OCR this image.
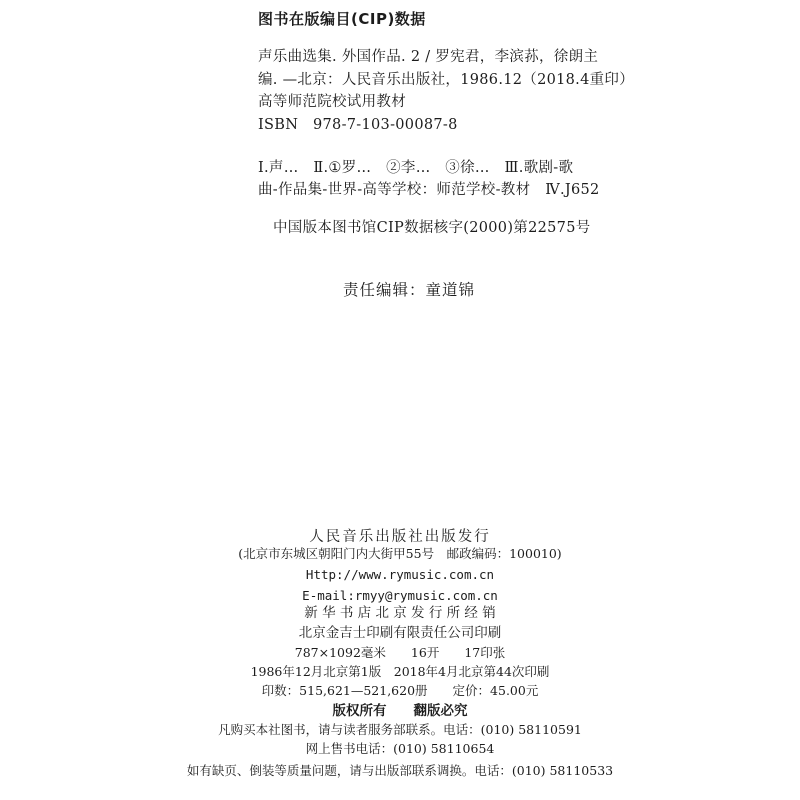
图书在版编目(CIP)数据
声乐曲选集. 外国作品. 2 / 罗宪君，李滨荪，徐朗主
编. —北京：人民音乐出版社，1986.12（2018.4重印）
高等师范院校试用教材
ISBN　978-7-103-00087-8
Ⅰ.声…　Ⅱ.①罗…　②李…　③徐…　Ⅲ.歌剧-歌
曲-作品集-世界-高等学校：师范学校-教材　Ⅳ.J652
中国版本图书馆CIP数据核字(2000)第22575号
责任编辑：童道锦
人民音乐出版社出版发行
(北京市东城区朝阳门内大街甲55号　邮政编码：100010)
Http://www.rymusic.com.cn
E-mail:rmyy@rymusic.com.cn
新 华 书 店 北 京 发 行 所 经 销
北京金吉士印刷有限责任公司印刷
787×1092毫米　　16开　　17印张
1986年12月北京第1版　2018年4月北京第44次印刷
印数：515,621—521,620册　　定价：45.00元
版权所有　　翻版必究
凡购买本社图书，请与读者服务部联系。电话：(010) 58110591
网上售书电话：(010) 58110654
如有缺页、倒装等质量问题，请与出版部联系调换。电话：(010) 58110533
